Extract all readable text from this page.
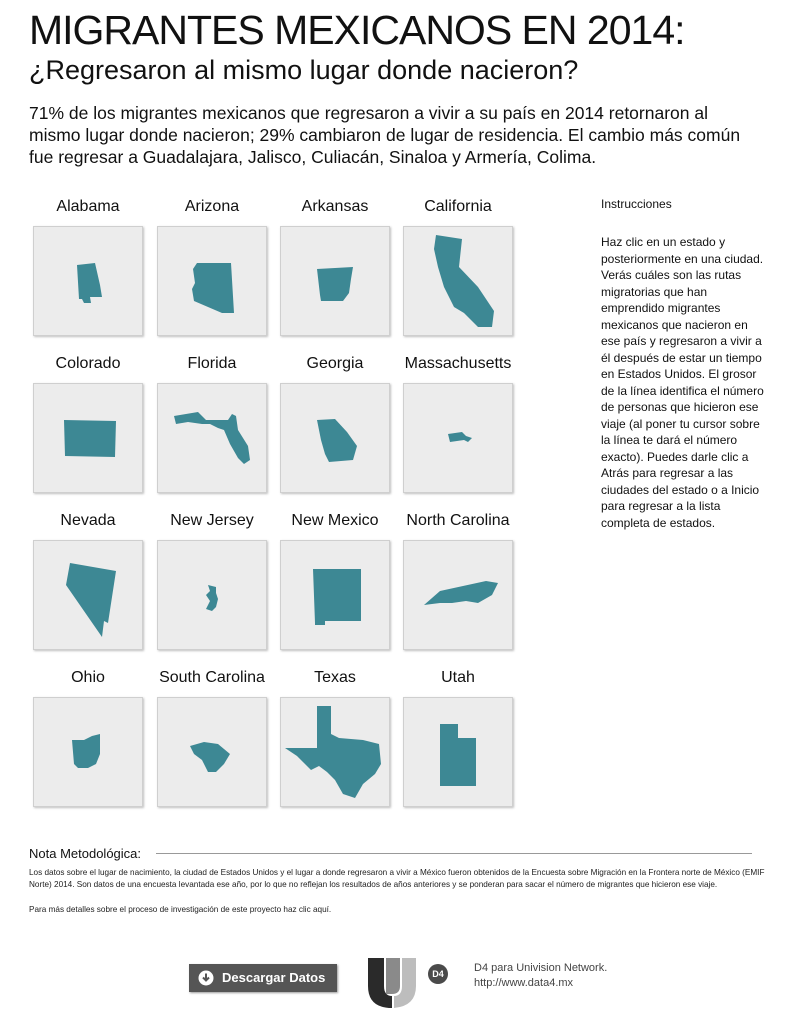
MIGRANTES MEXICANOS EN 2014:
¿Regresaron al mismo lugar donde nacieron?
71% de los migrantes mexicanos que regresaron a vivir a su país en 2014 retornaron al mismo lugar donde nacieron; 29% cambiaron de lugar de residencia. El cambio más común fue regresar a Guadalajara, Jalisco, Culiacán, Sinaloa y Armería, Colima.
Alabama	Arizona	Arkansas	California
Colorado	Florida	Georgia	Massachusetts
Nevada	New Jersey	New Mexico	North Carolina
Ohio	South Carolina	Texas	Utah
Instrucciones
Haz clic en un estado y posteriormente en una ciudad. Verás cuáles son las rutas migratorias que han emprendido migrantes mexicanos que nacieron en ese país y regresaron a vivir a él después de estar un tiempo en Estados Unidos. El grosor de la línea identifica el número de personas que hicieron ese viaje (al poner tu cursor sobre la línea te dará el número exacto). Puedes darle clic a Atrás para regresar a las ciudades del estado o a Inicio para regresar a la lista completa de estados.
Nota Metodológica:
Los datos sobre el lugar de nacimiento, la ciudad de Estados Unidos y el lugar a donde regresaron a vivir a México fueron obtenidos de la Encuesta sobre Migración en la Frontera norte de México (EMIF Norte) 2014. Son datos de una encuesta levantada ese año, por lo que no reflejan los resultados de años anteriores y se ponderan para sacar el número de migrantes que hicieron ese viaje.
Para más detalles sobre el proceso de investigación de este proyecto haz clic aquí.
Descargar Datos	D4	D4 para Univision Network.
http://www.data4.mx
